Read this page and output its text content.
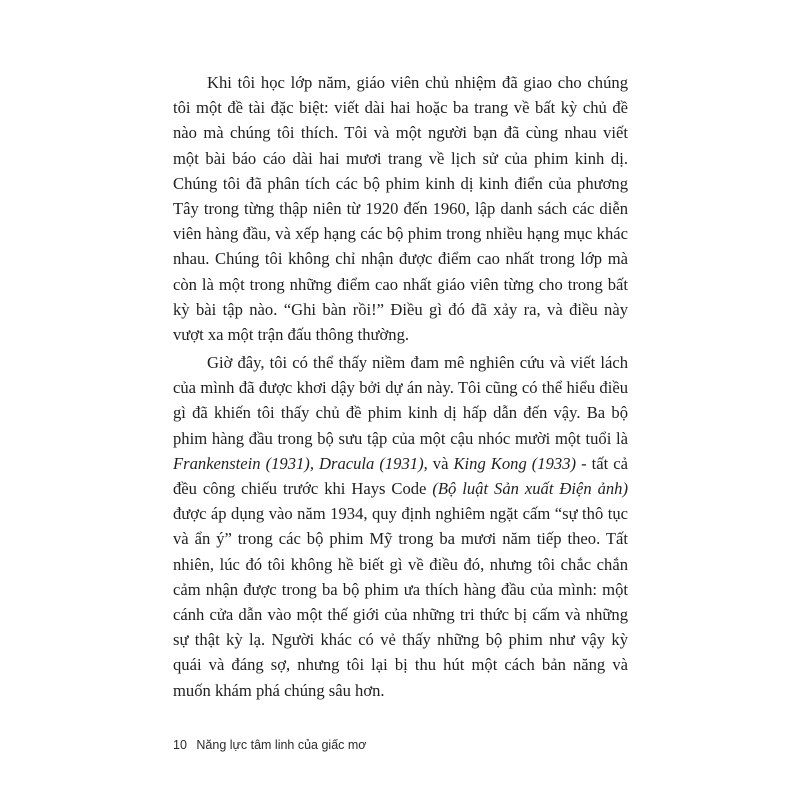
Khi tôi học lớp năm, giáo viên chủ nhiệm đã giao cho chúng tôi một đề tài đặc biệt: viết dài hai hoặc ba trang về bất kỳ chủ đề nào mà chúng tôi thích. Tôi và một người bạn đã cùng nhau viết một bài báo cáo dài hai mươi trang về lịch sử của phim kinh dị. Chúng tôi đã phân tích các bộ phim kinh dị kinh điển của phương Tây trong từng thập niên từ 1920 đến 1960, lập danh sách các diễn viên hàng đầu, và xếp hạng các bộ phim trong nhiều hạng mục khác nhau. Chúng tôi không chỉ nhận được điểm cao nhất trong lớp mà còn là một trong những điểm cao nhất giáo viên từng cho trong bất kỳ bài tập nào. “Ghi bàn rồi!” Điều gì đó đã xảy ra, và điều này vượt xa một trận đấu thông thường.

Giờ đây, tôi có thể thấy niềm đam mê nghiên cứu và viết lách của mình đã được khơi dậy bởi dự án này. Tôi cũng có thể hiểu điều gì đã khiến tôi thấy chủ đề phim kinh dị hấp dẫn đến vậy. Ba bộ phim hàng đầu trong bộ sưu tập của một cậu nhóc mười một tuổi là Frankenstein (1931), Dracula (1931), và King Kong (1933) - tất cả đều công chiếu trước khi Hays Code (Bộ luật Sản xuất Điện ảnh) được áp dụng vào năm 1934, quy định nghiêm ngặt cấm “sự thô tục và ẩn ý” trong các bộ phim Mỹ trong ba mươi năm tiếp theo. Tất nhiên, lúc đó tôi không hề biết gì về điều đó, nhưng tôi chắc chắn cảm nhận được trong ba bộ phim ưa thích hàng đầu của mình: một cánh cửa dẫn vào một thế giới của những tri thức bị cấm và những sự thật kỳ lạ. Người khác có vẻ thấy những bộ phim như vậy kỳ quái và đáng sợ, nhưng tôi lại bị thu hút một cách bản năng và muốn khám phá chúng sâu hơn.

10 Năng lực tâm linh của giấc mơ
